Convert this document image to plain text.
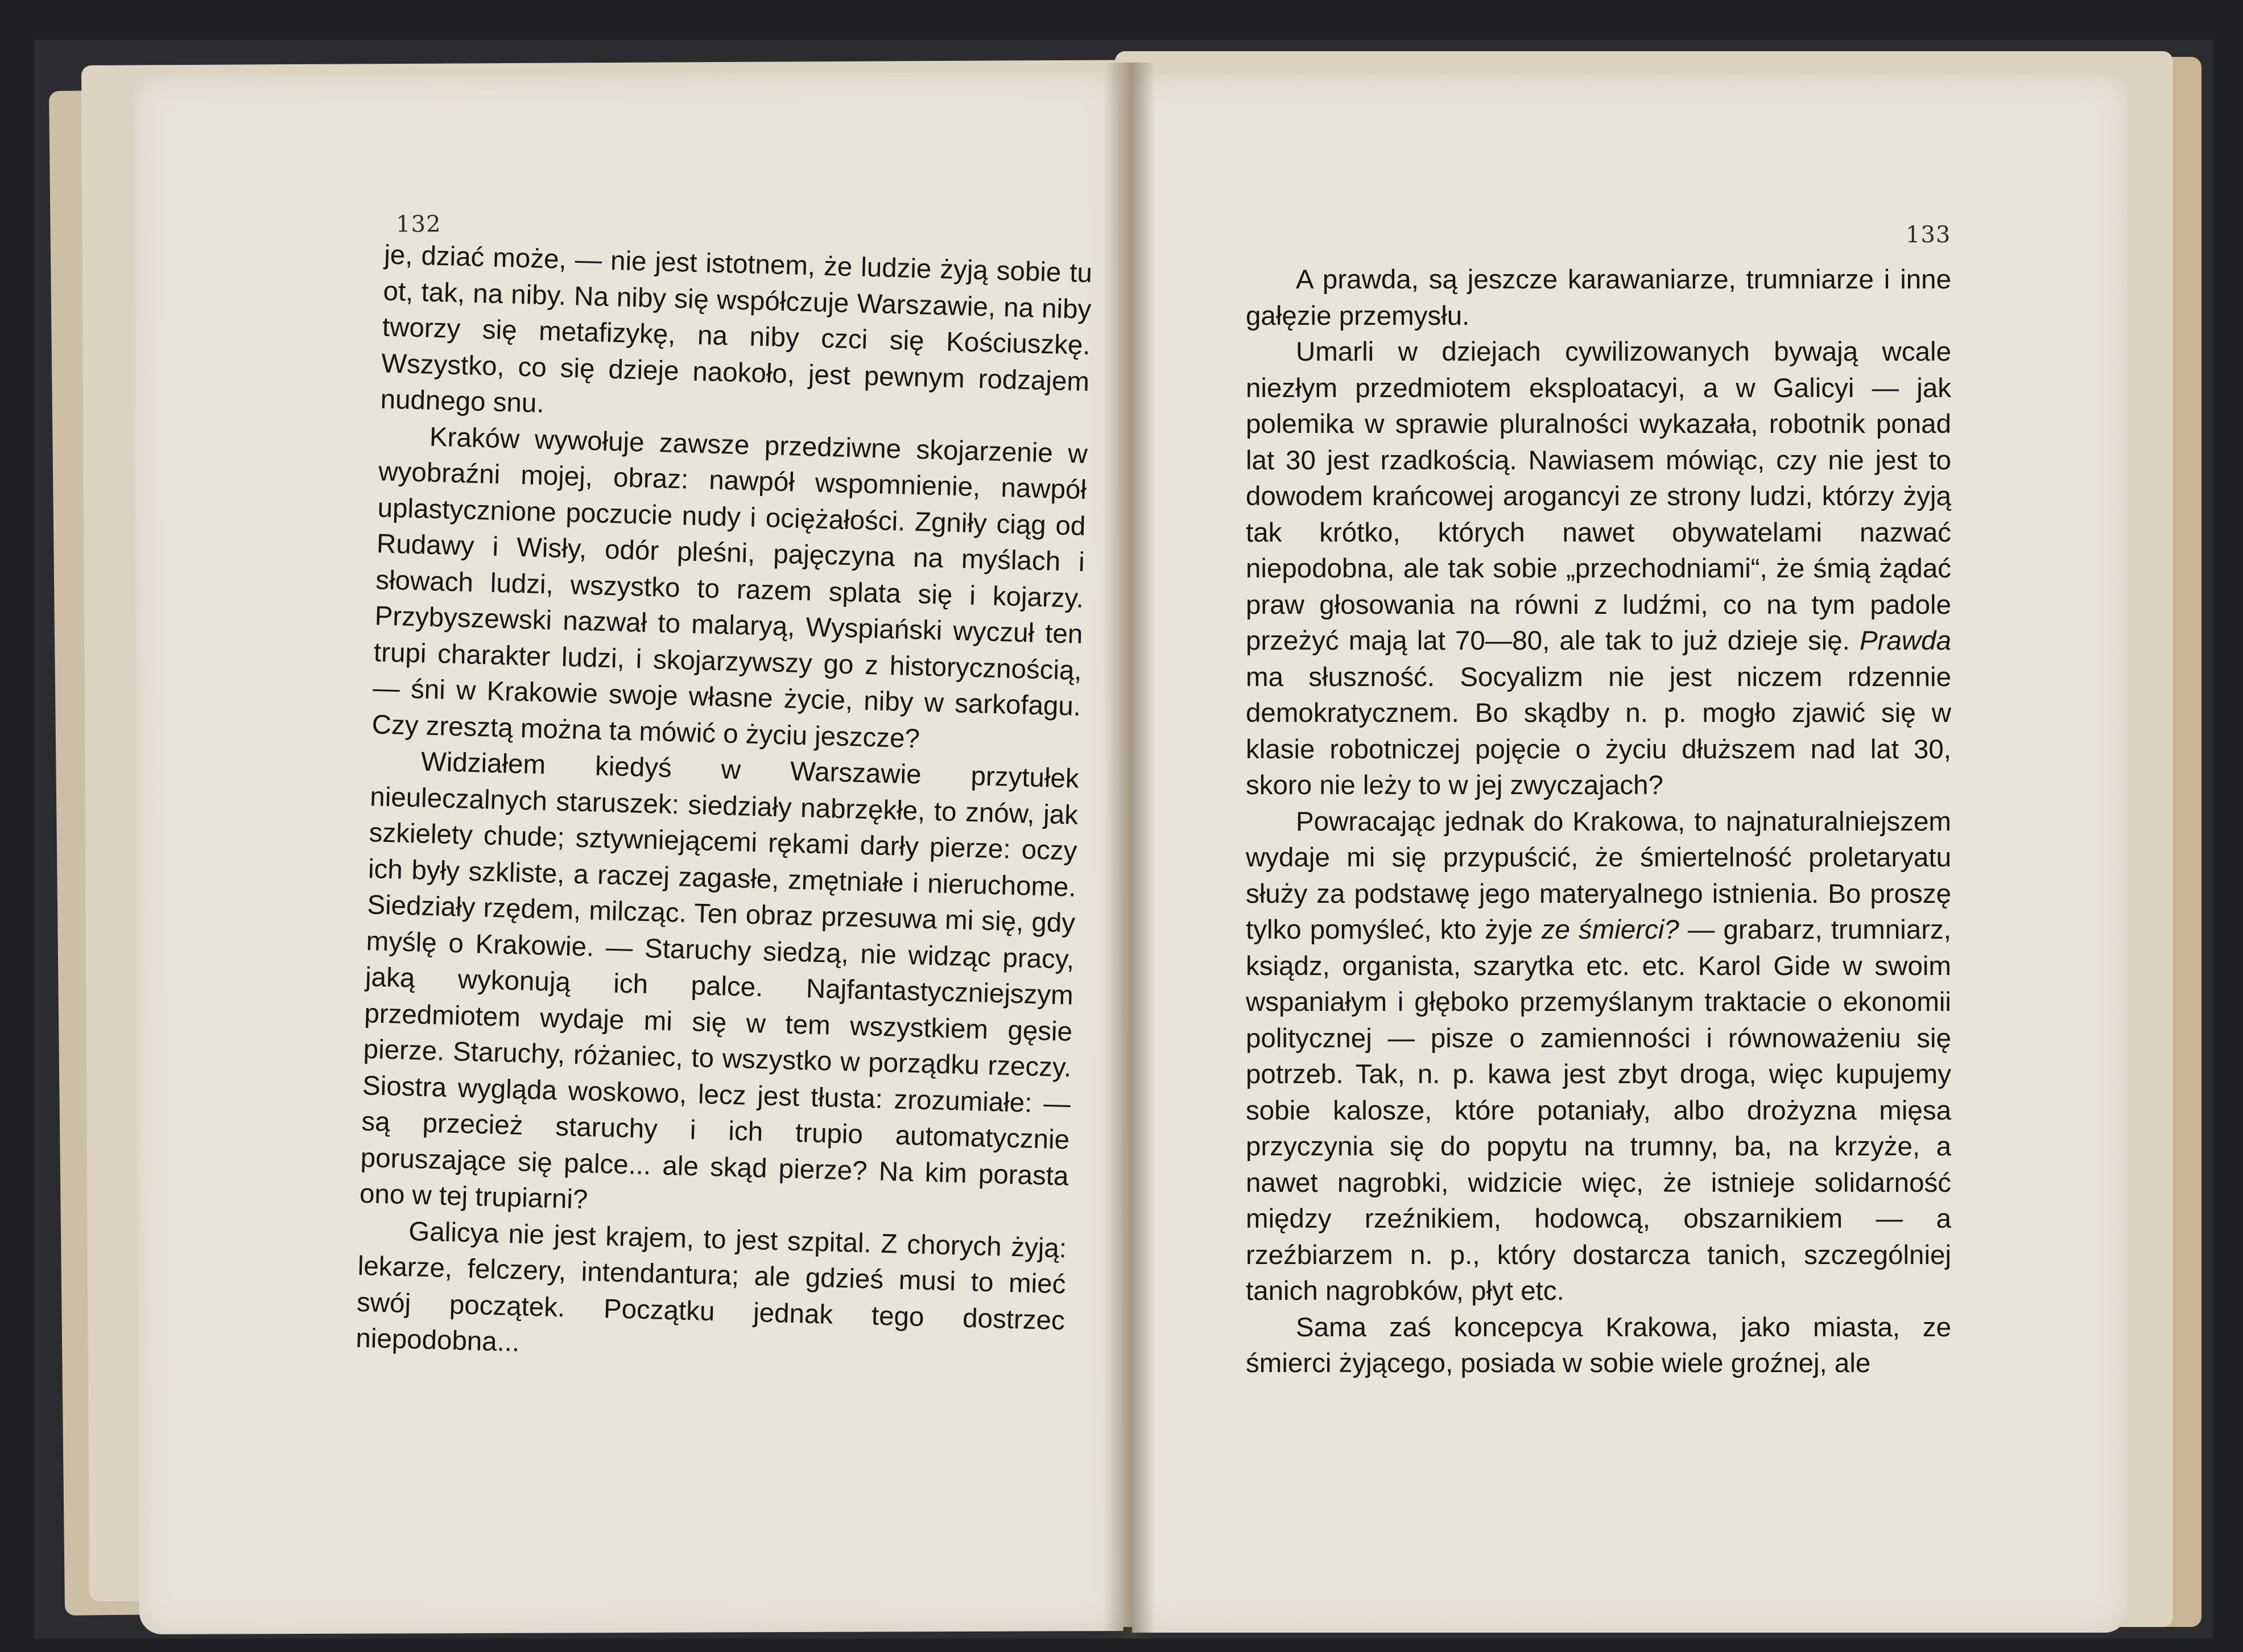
132

je, dziać może, — nie jest istotnem, że ludzie żyją sobie tu ot, tak, na niby. Na niby się współczuje Warszawie, na niby tworzy się metafizykę, na niby czci się Kościuszkę. Wszystko, co się dzieje naokoło, jest pewnym rodzajem nudnego snu.

Kraków wywołuje zawsze przedziwne skojarzenie w wyobraźni mojej, obraz: nawpół wspomnienie, nawpół uplastycznione poczucie nudy i ociężałości. Zgniły ciąg od Rudawy i Wisły, odór pleśni, pajęczyna na myślach i słowach ludzi, wszystko to razem splata się i kojarzy. Przybyszewski nazwał to malaryą, Wyspiański wyczuł ten trupi charakter ludzi, i skojarzywszy go z historycznością, — śni w Krakowie swoje własne życie, niby w sarkofagu. Czy zresztą można ta mówić o życiu jeszcze?

Widziałem kiedyś w Warszawie przytułek nieuleczalnych staruszek: siedziały nabrzękłe, to znów, jak szkielety chude; sztywniejącemi rękami darły pierze: oczy ich były szkliste, a raczej zagasłe, zmętniałe i nieruchome. Siedziały rzędem, milcząc. Ten obraz przesuwa mi się, gdy myślę o Krakowie. — Staruchy siedzą, nie widząc pracy, jaką wykonują ich palce. Najfantastyczniejszym przedmiotem wydaje mi się w tem wszystkiem gęsie pierze. Staruchy, różaniec, to wszystko w porządku rzeczy. Siostra wygląda woskowo, lecz jest tłusta: zrozumiałe: — są przecież staruchy i ich trupio automatycznie poruszające się palce... ale skąd pierze? Na kim porasta ono w tej trupiarni?

Galicya nie jest krajem, to jest szpital. Z chorych żyją: lekarze, felczery, intendantura; ale gdzieś musi to mieć swój początek. Początku jednak tego dostrzec niepodobna...

133

A prawda, są jeszcze karawaniarze, trumniarze i inne gałęzie przemysłu.

Umarli w dziejach cywilizowanych bywają wcale niezłym przedmiotem eksploatacyi, a w Galicyi — jak polemika w sprawie pluralności wykazała, robotnik ponad lat 30 jest rzadkością. Nawiasem mówiąc, czy nie jest to dowodem krańcowej arogancyi ze strony ludzi, którzy żyją tak krótko, których nawet obywatelami nazwać niepodobna, ale tak sobie „przechodniami“, że śmią żądać praw głosowania na równi z ludźmi, co na tym padole przeżyć mają lat 70—80, ale tak to już dzieje się. Prawda ma słuszność. Socyalizm nie jest niczem rdzennie demokratycznem. Bo skądby n. p. mogło zjawić się w klasie robotniczej pojęcie o życiu dłuższem nad lat 30, skoro nie leży to w jej zwyczajach?

Powracając jednak do Krakowa, to najnaturalniejszem wydaje mi się przypuścić, że śmiertelność proletaryatu służy za podstawę jego materyalnego istnienia. Bo proszę tylko pomyśleć, kto żyje ze śmierci? — grabarz, trumniarz, ksiądz, organista, szarytka etc. etc. Karol Gide w swoim wspaniałym i głęboko przemyślanym traktacie o ekonomii politycznej — pisze o zamienności i równoważeniu się potrzeb. Tak, n. p. kawa jest zbyt droga, więc kupujemy sobie kalosze, które potaniały, albo drożyzna mięsa przyczynia się do popytu na trumny, ba, na krzyże, a nawet nagrobki, widzicie więc, że istnieje solidarność między rzeźnikiem, hodowcą, obszarnikiem — a rzeźbiarzem n. p., który dostarcza tanich, szczególniej tanich nagrobków, płyt etc.

Sama zaś koncepcya Krakowa, jako miasta, ze śmierci żyjącego, posiada w sobie wiele groźnej, ale
